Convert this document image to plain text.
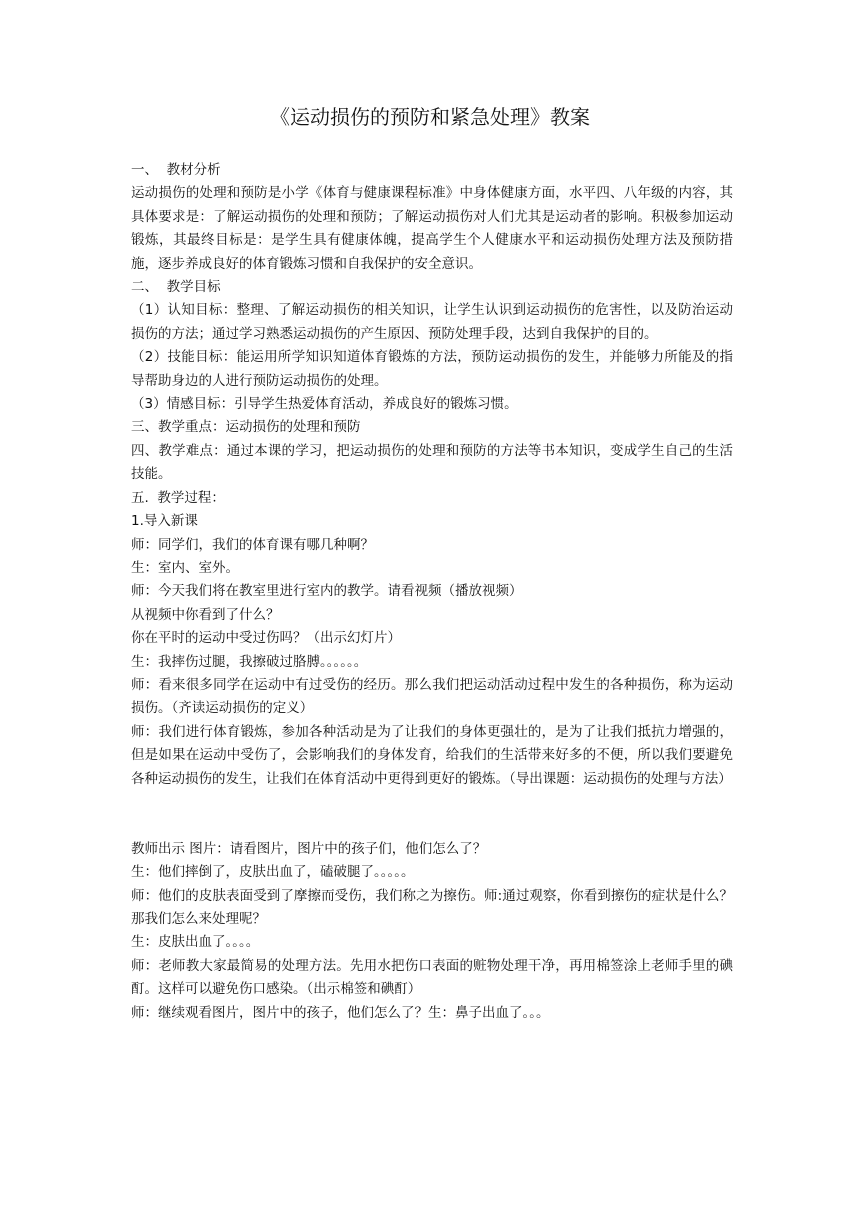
《运动损伤的预防和紧急处理》教案

一、  教材分析

运动损伤的处理和预防是小学《体育与健康课程标准》中身体健康方面，水平四、八年级的内容，其具体要求是：了解运动损伤的处理和预防；了解运动损伤对人们尤其是运动者的影响。积极参加运动锻炼，其最终目标是：是学生具有健康体魄，提高学生个人健康水平和运动损伤处理方法及预防措施，逐步养成良好的体育锻炼习惯和自我保护的安全意识。

二、  教学目标

（1）认知目标：整理、了解运动损伤的相关知识，让学生认识到运动损伤的危害性，以及防治运动损伤的方法；通过学习熟悉运动损伤的产生原因、预防处理手段，达到自我保护的目的。

（2）技能目标：能运用所学知识知道体育锻炼的方法，预防运动损伤的发生，并能够力所能及的指导帮助身边的人进行预防运动损伤的处理。

（3）情感目标：引导学生热爱体育活动，养成良好的锻炼习惯。

三、教学重点：运动损伤的处理和预防

四、教学难点：通过本课的学习，把运动损伤的处理和预防的方法等书本知识，变成学生自己的生活技能。

五.  教学过程：

1.导入新课

师：同学们，我们的体育课有哪几种啊？

生：室内、室外。

师：今天我们将在教室里进行室内的教学。请看视频（播放视频）

从视频中你看到了什么？

你在平时的运动中受过伤吗？（出示幻灯片）

生：我摔伤过腿，我擦破过胳膊。。。。。。

师：看来很多同学在运动中有过受伤的经历。那么我们把运动活动过程中发生的各种损伤，称为运动损伤。（齐读运动损伤的定义）

师：我们进行体育锻炼，参加各种活动是为了让我们的身体更强壮的，是为了让我们抵抗力增强的，但是如果在运动中受伤了，会影响我们的身体发育，给我们的生活带来好多的不便，所以我们要避免各种运动损伤的发生，让我们在体育活动中更得到更好的锻炼。（导出课题：运动损伤的处理与方法）

教师出示 图片：请看图片，图片中的孩子们，他们怎么了？

生：他们摔倒了，皮肤出血了，磕破腿了。。。。。

师：他们的皮肤表面受到了摩擦而受伤，我们称之为擦伤。师:通过观察，你看到擦伤的症状是什么？那我们怎么来处理呢？

生：皮肤出血了。。。。

师：老师教大家最简易的处理方法。先用水把伤口表面的赃物处理干净，再用棉签涂上老师手里的碘酊。这样可以避免伤口感染。（出示棉签和碘酊）

师：继续观看图片，图片中的孩子，他们怎么了？生：鼻子出血了。。。
